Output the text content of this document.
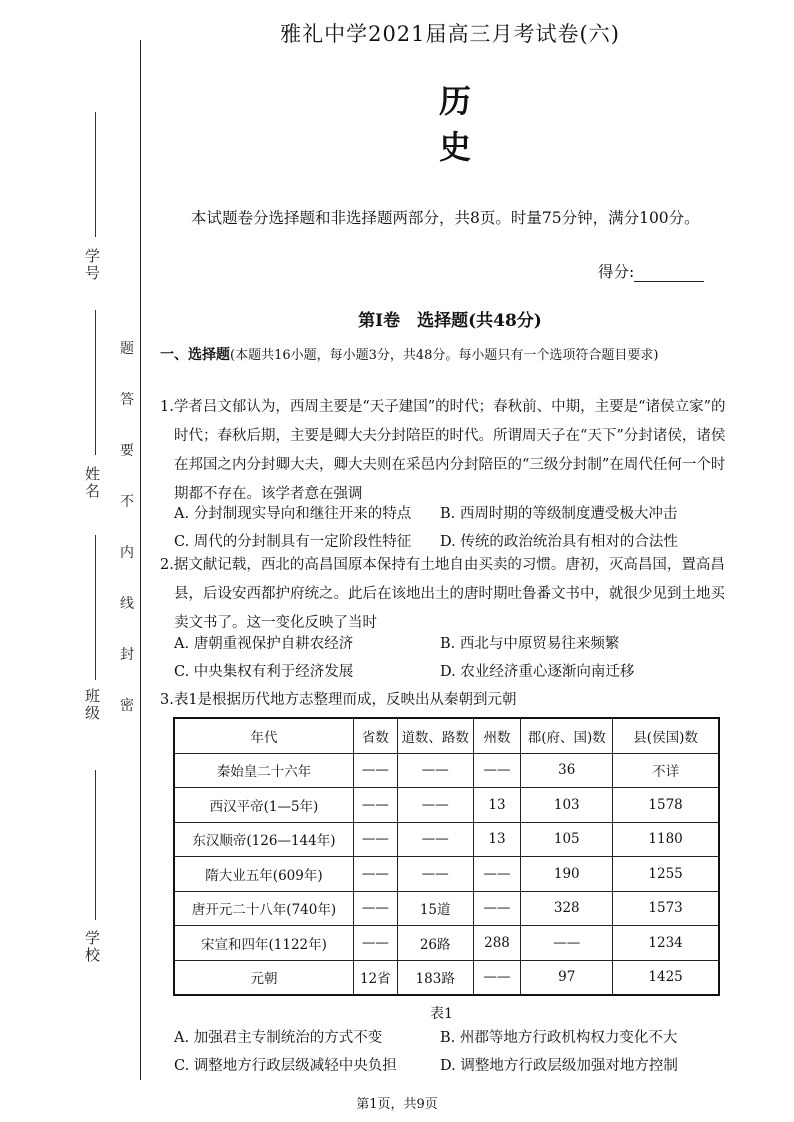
学号
姓名
班级
学校
题
答
要
不
内
线
封
密
雅礼中学2021届高三月考试卷(六)
历史
本试题卷分选择题和非选择题两部分，共8页。时量75分钟，满分100分。
得分:
第Ⅰ卷　选择题(共48分)
一、选择题(本题共16小题，每小题3分，共48分。每小题只有一个选项符合题目要求)
1.学者吕文郁认为，西周主要是“天子建国”的时代；春秋前、中期，主要是“诸侯立家”的时代；春秋后期，主要是卿大夫分封陪臣的时代。所谓周天子在“天下”分封诸侯，诸侯在邦国之内分封卿大夫，卿大夫则在采邑内分封陪臣的“三级分封制”在周代任何一个时期都不存在。该学者意在强调
A. 分封制现实导向和继往开来的特点 B. 西周时期的等级制度遭受极大冲击
C. 周代的分封制具有一定阶段性特征 D. 传统的政治统治具有相对的合法性
2.据文献记载，西北的高昌国原本保持有土地自由买卖的习惯。唐初，灭高昌国，置高昌县，后设安西都护府统之。此后在该地出土的唐时期吐鲁番文书中，就很少见到土地买卖文书了。这一变化反映了当时
A. 唐朝重视保护自耕农经济	B. 西北与中原贸易往来频繁
C. 中央集权有利于经济发展	D. 农业经济重心逐渐向南迁移
3.表1是根据历代地方志整理而成，反映出从秦朝到元朝
年代	省数	道数、路数	州数	郡(府、国)数	县(侯国)数
秦始皇二十六年	——	——	——	36	不详
西汉平帝(1—5年)	——	——	13	103	1578
东汉顺帝(126—144年)	——	——	13	105	1180
隋大业五年(609年)	——	——	——	190	1255
唐开元二十八年(740年)	——	15道	——	328	1573
宋宣和四年(1122年)	——	26路	288	——	1234
元朝	12省	183路	——	97	1425
表1
A. 加强君主专制统治的方式不变	B. 州郡等地方行政机构权力变化不大
C. 调整地方行政层级减轻中央负担	D. 调整地方行政层级加强对地方控制
第1页，共9页
